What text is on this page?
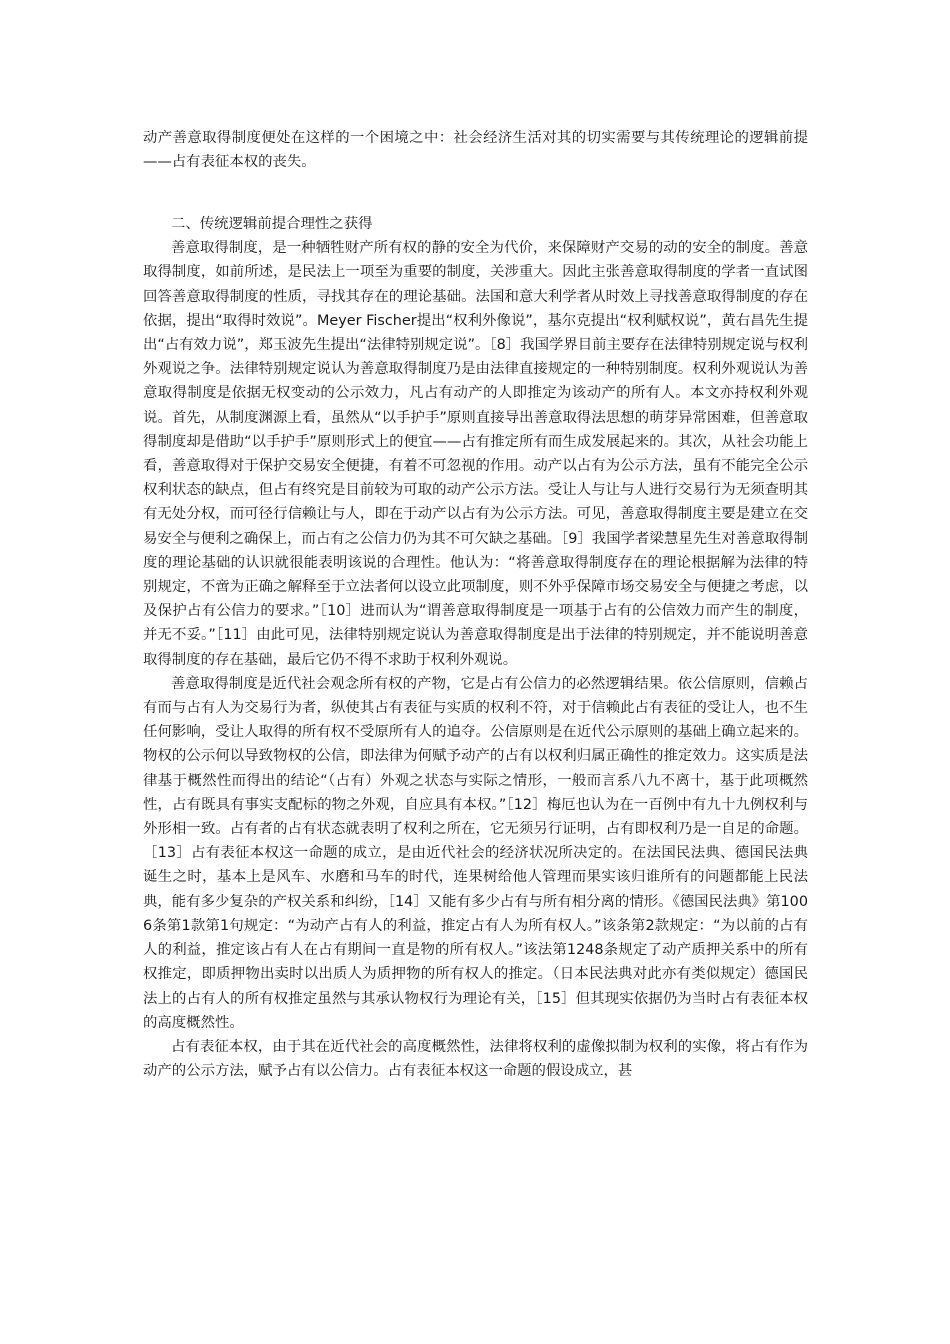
动产善意取得制度便处在这样的一个困境之中：社会经济生活对其的切实需要与其传统理论的逻辑前提——占有表征本权的丧失。

二、传统逻辑前提合理性之获得

善意取得制度，是一种牺牲财产所有权的静的安全为代价，来保障财产交易的动的安全的制度。善意取得制度，如前所述，是民法上一项至为重要的制度，关涉重大。因此主张善意取得制度的学者一直试图回答善意取得制度的性质，寻找其存在的理论基础。法国和意大利学者从时效上寻找善意取得制度的存在依据，提出“取得时效说”。Meyer Fischer提出“权利外像说”，基尔克提出“权利赋权说”，黄右昌先生提出“占有效力说”，郑玉波先生提出“法律特别规定说”。［8］我国学界目前主要存在法律特别规定说与权利外观说之争。法律特别规定说认为善意取得制度乃是由法律直接规定的一种特别制度。权利外观说认为善意取得制度是依据无权变动的公示效力，凡占有动产的人即推定为该动产的所有人。本文亦持权利外观说。首先，从制度渊源上看，虽然从“以手护手”原则直接导出善意取得法思想的萌芽异常困难，但善意取得制度却是借助“以手护手”原则形式上的便宜——占有推定所有而生成发展起来的。其次，从社会功能上看，善意取得对于保护交易安全便捷，有着不可忽视的作用。动产以占有为公示方法，虽有不能完全公示权利状态的缺点，但占有终究是目前较为可取的动产公示方法。受让人与让与人进行交易行为无须查明其有无处分权，而可径行信赖让与人，即在于动产以占有为公示方法。可见，善意取得制度主要是建立在交易安全与便利之确保上，而占有之公信力仍为其不可欠缺之基础。［9］我国学者梁慧星先生对善意取得制度的理论基础的认识就很能表明该说的合理性。他认为：“将善意取得制度存在的理论根据解为法律的特别规定，不啻为正确之解释至于立法者何以设立此项制度，则不外乎保障市场交易安全与便捷之考虑，以及保护占有公信力的要求。”［10］进而认为“谓善意取得制度是一项基于占有的公信效力而产生的制度，并无不妥。”［11］由此可见，法律特别规定说认为善意取得制度是出于法律的特别规定，并不能说明善意取得制度的存在基础，最后它仍不得不求助于权利外观说。

善意取得制度是近代社会观念所有权的产物，它是占有公信力的必然逻辑结果。依公信原则，信赖占有而与占有人为交易行为者，纵使其占有表征与实质的权利不符，对于信赖此占有表征的受让人，也不生任何影响，受让人取得的所有权不受原所有人的追夺。公信原则是在近代公示原则的基础上确立起来的。物权的公示何以导致物权的公信，即法律为何赋予动产的占有以权利归属正确性的推定效力。这实质是法律基于概然性而得出的结论“（占有）外观之状态与实际之情形，一般而言系八九不离十，基于此项概然性，占有既具有事实支配标的物之外观，自应具有本权。”［12］梅厄也认为在一百例中有九十九例权利与外形相一致。占有者的占有状态就表明了权利之所在，它无须另行证明，占有即权利乃是一自足的命题。［13］占有表征本权这一命题的成立，是由近代社会的经济状况所决定的。在法国民法典、德国民法典诞生之时，基本上是风车、水磨和马车的时代，连果树给他人管理而果实该归谁所有的问题都能上民法典，能有多少复杂的产权关系和纠纷，［14］又能有多少占有与所有相分离的情形。《德国民法典》第1006条第1款第1句规定：“为动产占有人的利益，推定占有人为所有权人。”该条第2款规定：“为以前的占有人的利益，推定该占有人在占有期间一直是物的所有权人。”该法第1248条规定了动产质押关系中的所有权推定，即质押物出卖时以出质人为质押物的所有权人的推定。（日本民法典对此亦有类似规定）德国民法上的占有人的所有权推定虽然与其承认物权行为理论有关，［15］但其现实依据仍为当时占有表征本权的高度概然性。

占有表征本权，由于其在近代社会的高度概然性，法律将权利的虚像拟制为权利的实像，将占有作为动产的公示方法，赋予占有以公信力。占有表征本权这一命题的假设成立，甚
